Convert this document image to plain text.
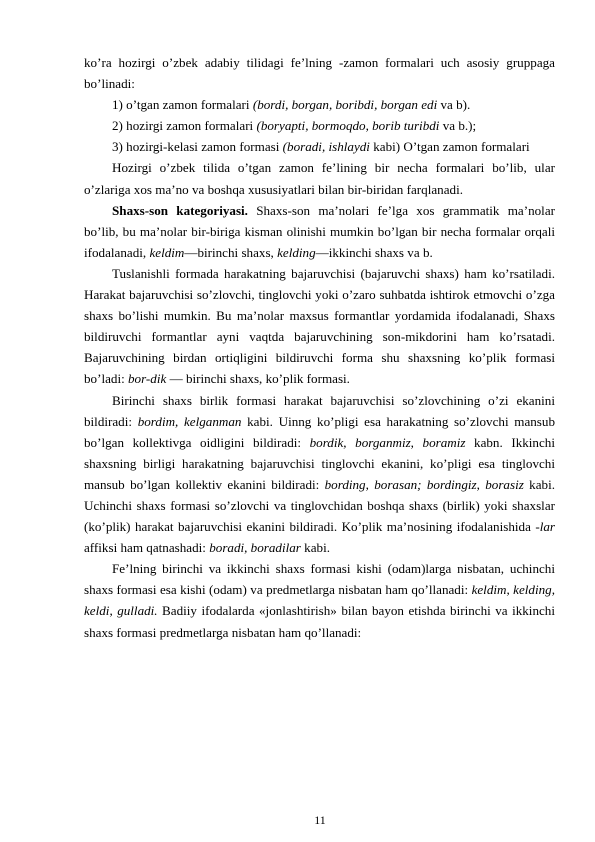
ko’ra hozirgi o’zbek adabiy tilidagi fe’lning -zamon formalari uch asosiy gruppaga bo’linadi:

1) o’tgan zamon formalari (bordi, borgan, boribdi, borgan edi va b).

2) hozirgi zamon formalari (boryapti, bormoqdo, borib turibdi va b.);

3) hozirgi-kelasi zamon formasi (boradi, ishlaydi kabi) O’tgan zamon formalari

Hozirgi o’zbek tilida o’tgan zamon fe’lining bir necha formalari bo’lib, ular o’zlariga xos ma’no va boshqa xususiyatlari bilan bir-biridan farqlanadi.

Shaxs-son kategoriyasi. Shaxs-son ma’nolari fe’lga xos grammatik ma’nolar bo’lib, bu ma’nolar bir-biriga kisman olinishi mumkin bo’lgan bir necha formalar orqali ifodalanadi, keldim—birinchi shaxs, kelding—ikkinchi shaxs va b.

Tuslanishli formada harakatning bajaruvchisi (bajaruvchi shaxs) ham ko’rsatiladi. Harakat bajaruvchisi so’zlovchi, tinglovchi yoki o’zaro suhbatda ishtirok etmovchi o’zga shaxs bo’lishi mumkin. Bu ma’nolar maxsus formantlar yordamida ifodalanadi, Shaxs bildiruvchi formantlar ayni vaqtda bajaruvchining son-mikdorini ham ko’rsatadi. Bajaruvchining birdan ortiqligini bildiruvchi forma shu shaxsning ko’plik formasi bo’ladi: bor-dik — birinchi shaxs, ko’plik formasi.

Birinchi shaxs birlik formasi harakat bajaruvchisi so’zlovchining o’zi ekanini bildiradi: bordim, kelganman kabi. Uinng ko’pligi esa harakatning so’zlovchi mansub bo’lgan kollektivga oidligini bildiradi: bordik, borganmiz, boramiz kabn. Ikkinchi shaxsning birligi harakatning bajaruvchisi tinglovchi ekanini, ko’pligi esa tinglovchi mansub bo’lgan kollektiv ekanini bildiradi: bording, borasan; bordingiz, borasiz kabi. Uchinchi shaxs formasi so’zlovchi va tinglovchidan boshqa shaxs (birlik) yoki shaxslar (ko’plik) harakat bajaruvchisi ekanini bildiradi. Ko’plik ma’nosining ifodalanishida -lar affiksi ham qatnashadi: boradi, boradilar kabi.

Fe’lning birinchi va ikkinchi shaxs formasi kishi (odam)larga nisbatan, uchinchi shaxs formasi esa kishi (odam) va predmetlarga nisbatan ham qo’llanadi: keldim, kelding, keldi, gulladi. Badiiy ifodalarda «jonlashtirish» bilan bayon etishda birinchi va ikkinchi shaxs formasi predmetlarga nisbatan ham qo’llanadi:

11
